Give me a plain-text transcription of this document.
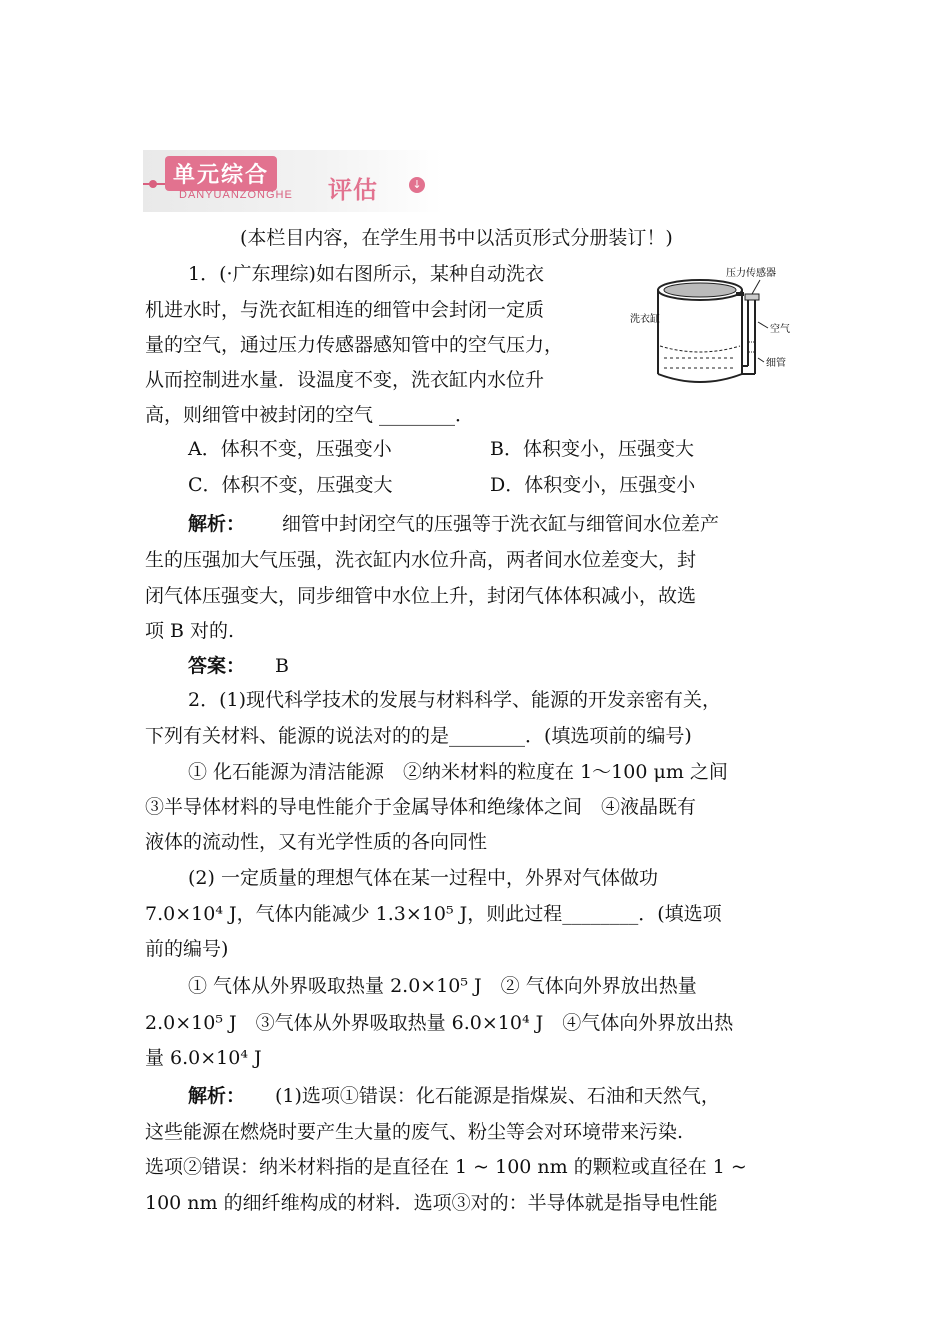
单元综合
DANYUANZONGHE 评估	↓
(本栏目内容，在学生用书中以活页形式分册装订！)
1．(·广东理综)如右图所示，某种自动洗衣
机进水时，与洗衣缸相连的细管中会封闭一定质
量的空气，通过压力传感器感知管中的空气压力，
从而控制进水量．设温度不变，洗衣缸内水位升
高，则细管中被封闭的空气 ________．
压力传感器
空气
细管
洗衣缸
A．体积不变，压强变小	B．体积变小，压强变大
C．体积不变，压强变大	D．体积变小，压强变小
解析： 细管中封闭空气的压强等于洗衣缸与细管间水位差产
生的压强加大气压强，洗衣缸内水位升高，两者间水位差变大，封
闭气体压强变大，同步细管中水位上升，封闭气体体积减小，故选
项 B 对的.
答案： B
2．(1)现代科学技术的发展与材料科学、能源的开发亲密有关，
下列有关材料、能源的说法对的的是________．(填选项前的编号)
① 化石能源为清洁能源　②纳米材料的粒度在 1～100 μm 之间
③半导体材料的导电性能介于金属导体和绝缘体之间　④液晶既有
液体的流动性，又有光学性质的各向同性
(2) 一定质量的理想气体在某一过程中，外界对气体做功
7.0×10⁴ J，气体内能减少 1.3×10⁵ J，则此过程________．(填选项
前的编号)
① 气体从外界吸取热量 2.0×10⁵ J　② 气体向外界放出热量
2.0×10⁵ J　③气体从外界吸取热量 6.0×10⁴ J　④气体向外界放出热
量 6.0×10⁴ J
解析： (1)选项①错误：化石能源是指煤炭、石油和天然气，
这些能源在燃烧时要产生大量的废气、粉尘等会对环境带来污染.
选项②错误：纳米材料指的是直径在 1 ~ 100 nm 的颗粒或直径在 1 ~
100 nm 的细纤维构成的材料．选项③对的：半导体就是指导电性能
